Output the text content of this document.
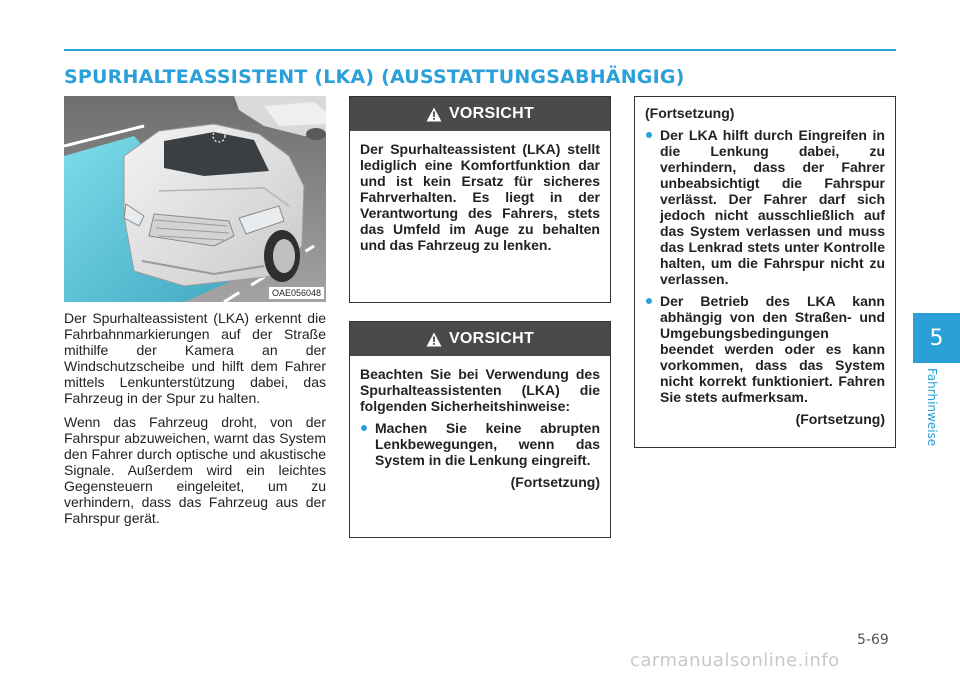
SPURHALTEASSISTENT (LKA) (AUSSTATTUNGSABHÄNGIG)
OAE056048

Der Spurhalteassistent (LKA) erkennt die Fahrbahnmarkierungen auf der Straße mithilfe der Kamera an der Windschutzscheibe und hilft dem Fahrer mittels Lenkunterstützung dabei, das Fahrzeug in der Spur zu halten.

Wenn das Fahrzeug droht, von der Fahrspur abzuweichen, warnt das System den Fahrer durch optische und akustische Signale. Außerdem wird ein leichtes Gegensteuern eingeleitet, um zu verhindern, dass das Fahrzeug aus der Fahrspur gerät.

VORSICHT
Der Spurhalteassistent (LKA) stellt lediglich eine Komfortfunktion dar und ist kein Ersatz für sicheres Fahrverhalten. Es liegt in der Verantwortung des Fahrers, stets das Umfeld im Auge zu behalten und das Fahrzeug zu lenken.
VORSICHT
Beachten Sie bei Verwendung des Spurhalteassistenten (LKA) die folgenden Sicherheitshinweise:
Machen Sie keine abrupten Lenkbewegungen, wenn das System in die Lenkung eingreift.
(Fortsetzung)
(Fortsetzung)
Der LKA hilft durch Eingreifen in die Lenkung dabei, zu verhindern, dass der Fahrer unbeabsichtigt die Fahrspur verlässt. Der Fahrer darf sich jedoch nicht ausschließlich auf das System verlassen und muss das Lenkrad stets unter Kontrolle halten, um die Fahrspur nicht zu verlassen.
Der Betrieb des LKA kann abhängig von den Straßen- und Umgebungsbedingungen beendet werden oder es kann vorkommen, dass das System nicht korrekt funktioniert. Fahren Sie stets aufmerksam.
(Fortsetzung)
5
Fahrhinweise
5-69
carmanualsonline.info
